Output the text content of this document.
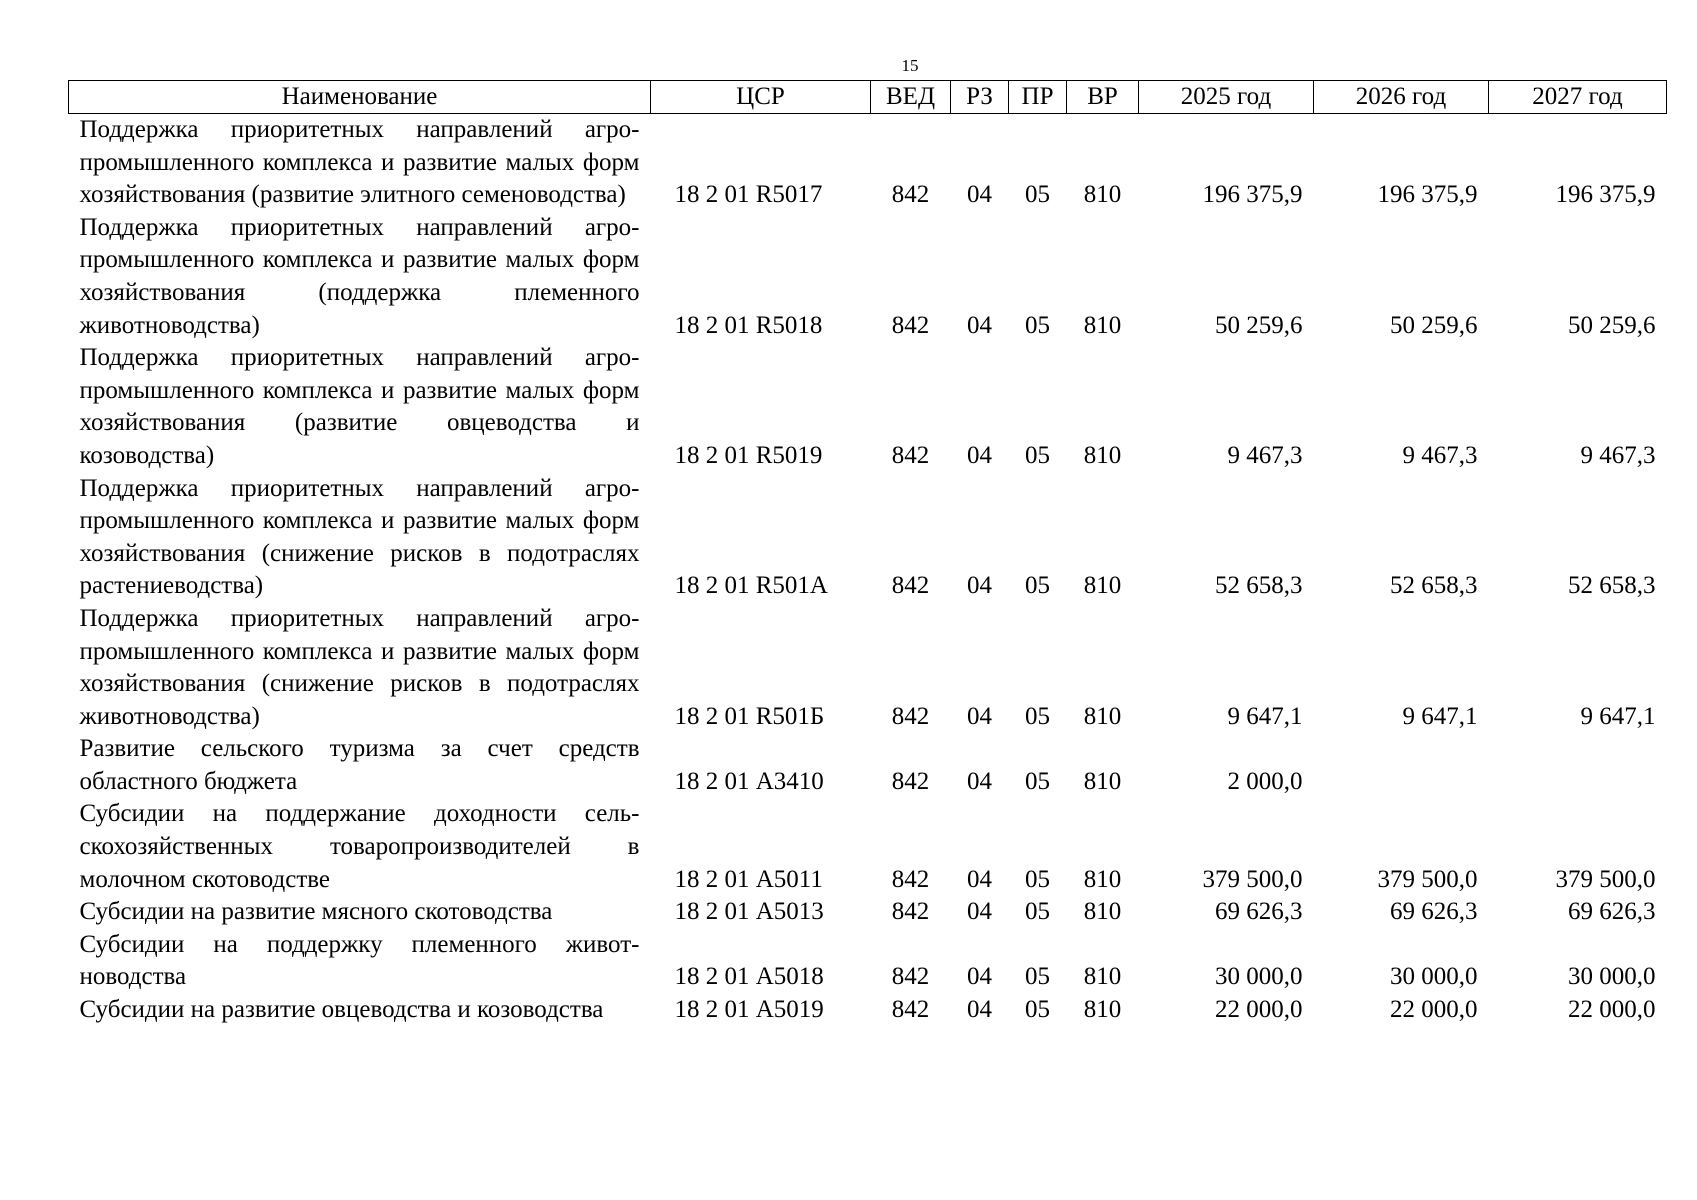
15
Наименование	ЦСР	ВЕД	РЗ	ПР	ВР	2025 год	2026 год	2027 год
Поддержка приоритетных направлений агропромышленного комплекса и развитие малых форм хозяйствования (развитие элитного семеноводства)	18 2 01 R5017	842	04	05	810	196 375,9	196 375,9	196 375,9
Поддержка приоритетных направлений агропромышленного комплекса и развитие малых форм хозяйствования (поддержка племенного животноводства)	18 2 01 R5018	842	04	05	810	50 259,6	50 259,6	50 259,6
Поддержка приоритетных направлений агропромышленного комплекса и развитие малых форм хозяйствования (развитие овцеводства и козоводства)	18 2 01 R5019	842	04	05	810	9 467,3	9 467,3	9 467,3
Поддержка приоритетных направлений агропромышленного комплекса и развитие малых форм хозяйствования (снижение рисков в подотраслях растениеводства)	18 2 01 R501А	842	04	05	810	52 658,3	52 658,3	52 658,3
Поддержка приоритетных направлений агропромышленного комплекса и развитие малых форм хозяйствования (снижение рисков в подотраслях животноводства)	18 2 01 R501Б	842	04	05	810	9 647,1	9 647,1	9 647,1
Развитие сельского туризма за счет средств областного бюджета	18 2 01 А3410	842	04	05	810	2 000,0		
Субсидии на поддержание доходности сельскохозяйственных товаропроизводителей в молочном скотоводстве	18 2 01 А5011	842	04	05	810	379 500,0	379 500,0	379 500,0
Субсидии на развитие мясного скотоводства	18 2 01 А5013	842	04	05	810	69 626,3	69 626,3	69 626,3
Субсидии на поддержку племенного животноводства	18 2 01 А5018	842	04	05	810	30 000,0	30 000,0	30 000,0
Субсидии на развитие овцеводства и козоводства	18 2 01 А5019	842	04	05	810	22 000,0	22 000,0	22 000,0
